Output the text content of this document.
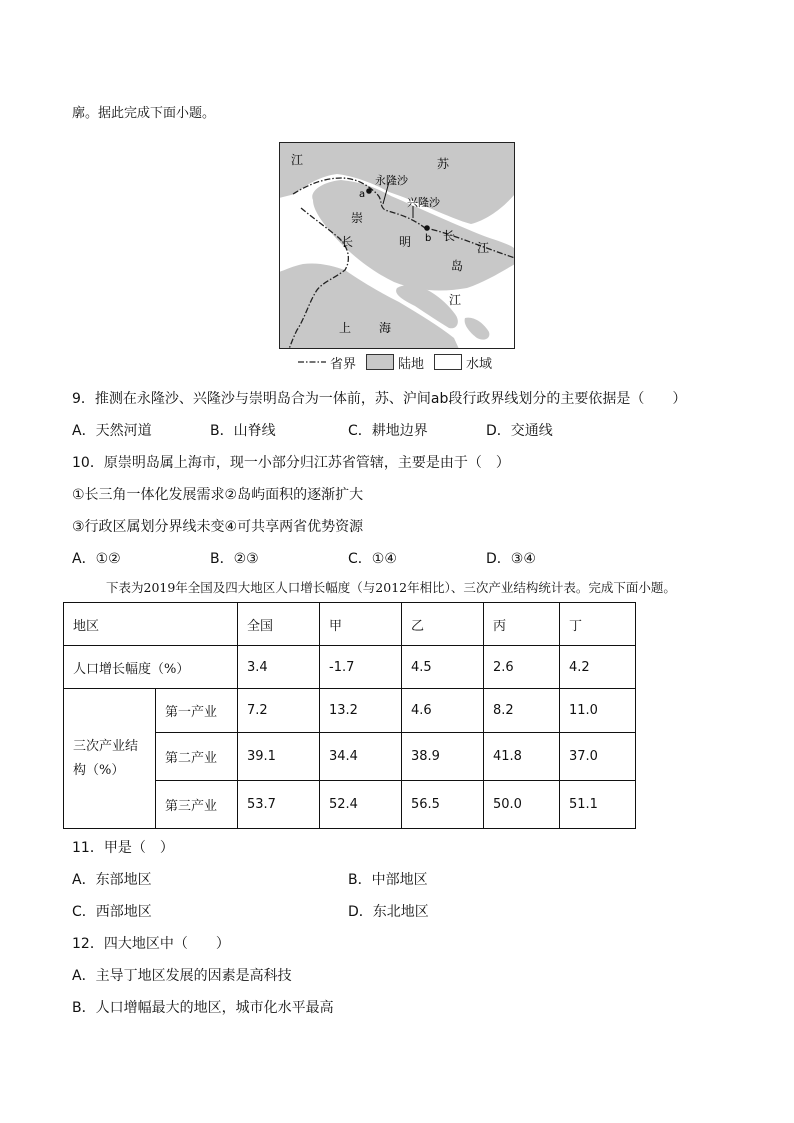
廓。据此完成下面小题。
江	苏
永隆沙
兴隆沙
a
b
崇
明
岛
长	长
江
江
上 海
省界	陆地	水域
9．推测在永隆沙、兴隆沙与崇明岛合为一体前，苏、沪间ab段行政界线划分的主要依据是（　　）
A．天然河道	B．山脊线	C．耕地边界	D．交通线
10．原崇明岛属上海市，现一小部分归江苏省管辖，主要是由于（　）
①长三角一体化发展需求②岛屿面积的逐渐扩大
③行政区属划分界线未变④可共享两省优势资源
A．①②	B．②③	C．①④	D．③④
下表为2019年全国及四大地区人口增长幅度（与2012年相比）、三次产业结构统计表。完成下面小题。
地区		全国	甲	乙	丙	丁
人口增长幅度（%）		3.4	-1.7	4.5	2.6	4.2

三次产业结
构（%）	第一产业	7.2	13.2	4.6	8.2	11.0
	第二产业	39.1	34.4	38.9	41.8	37.0
	第三产业	53.7	52.4	56.5	50.0	51.1
11．甲是（　）
A．东部地区	B．中部地区
C．西部地区	D．东北地区
12．四大地区中（　　）
A．主导丁地区发展的因素是高科技
B．人口增幅最大的地区，城市化水平最高
